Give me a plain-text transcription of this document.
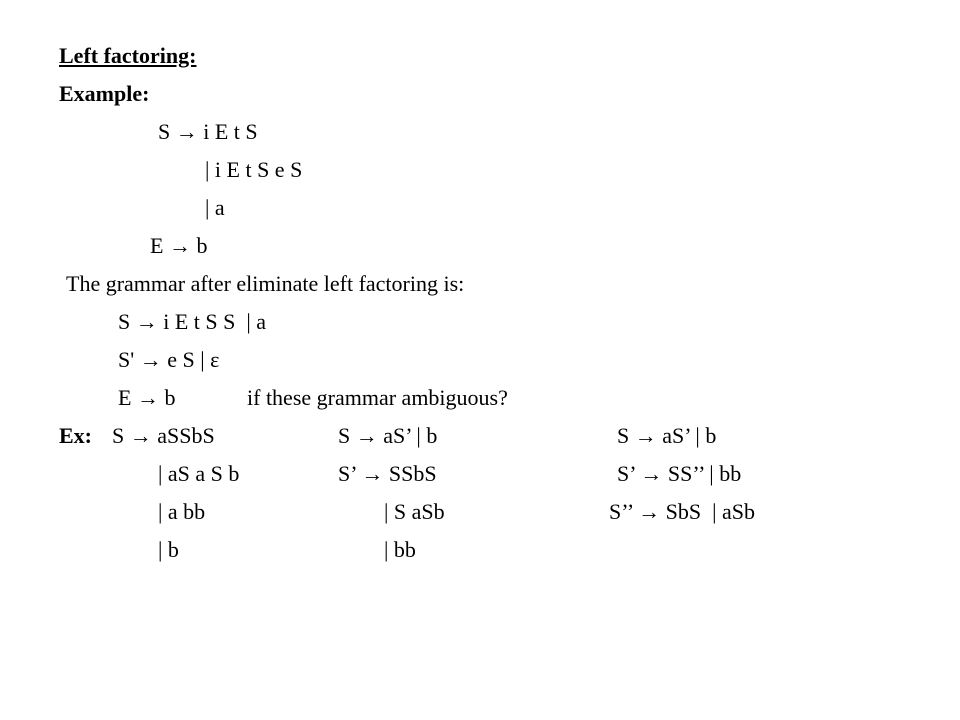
Left factoring:
Example:
S → i E t S
| i E t S e S
| a
E → b
The grammar after eliminate left factoring is:
S → i E t S S  | a
S' → e S | ε
E → b	if these grammar ambiguous?
Ex: S → aSSbS
| aS a S b
| a bb
| b
S → aS’ | b
S’ → SSbS
| S aSb
| bb
S → aS’ | b
S’ → SS’’ | bb
S’’ → SbS  | aSb
